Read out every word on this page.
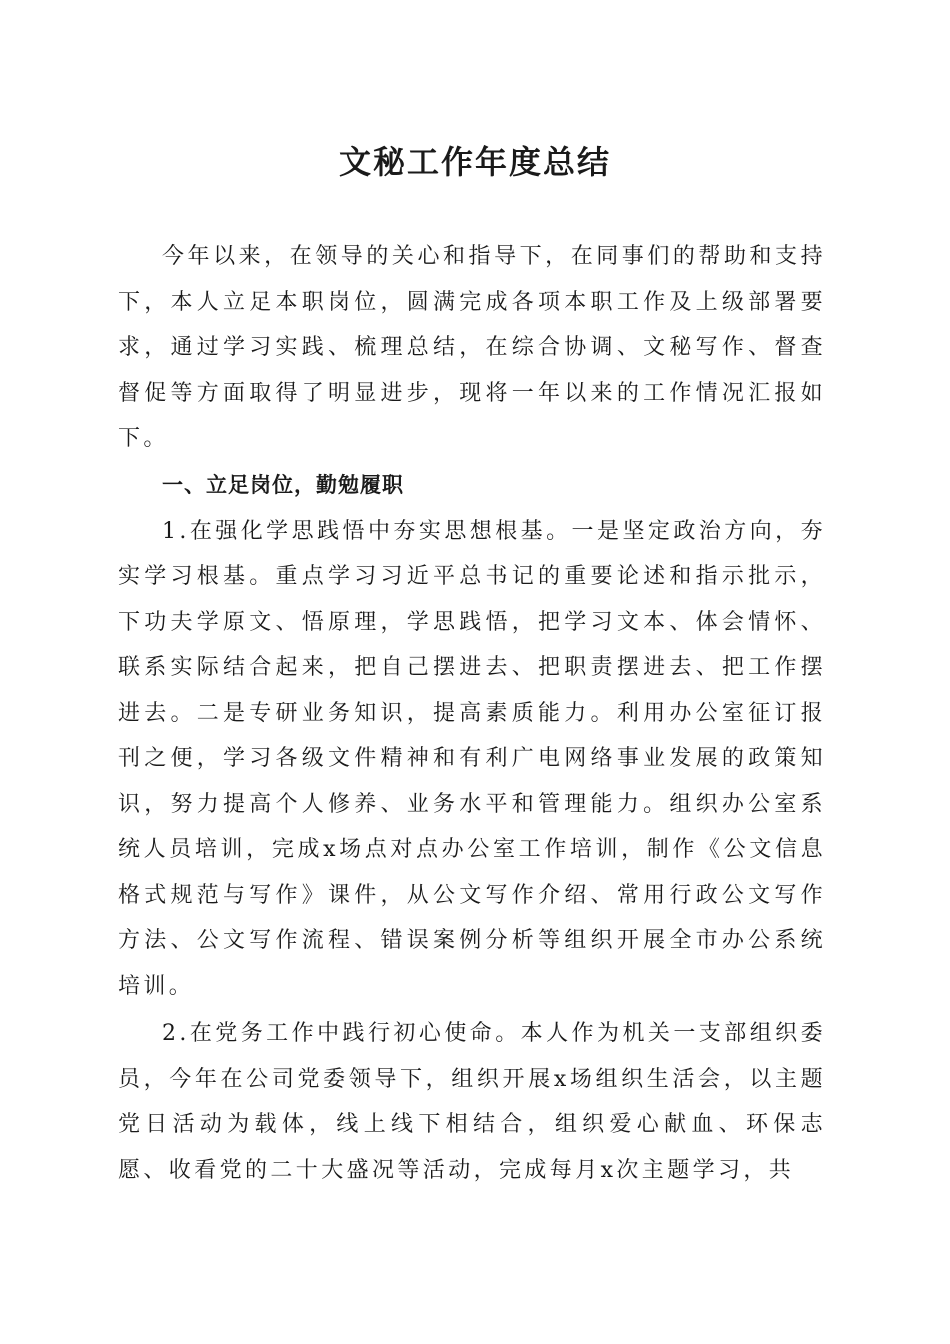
文秘工作年度总结

今年以来，在领导的关心和指导下，在同事们的帮助和支持下，本人立足本职岗位，圆满完成各项本职工作及上级部署要求，通过学习实践、梳理总结，在综合协调、文秘写作、督查督促等方面取得了明显进步，现将一年以来的工作情况汇报如下。

一、立足岗位，勤勉履职

1.在强化学思践悟中夯实思想根基。一是坚定政治方向，夯实学习根基。重点学习习近平总书记的重要论述和指示批示，下功夫学原文、悟原理，学思践悟，把学习文本、体会情怀、联系实际结合起来，把自己摆进去、把职责摆进去、把工作摆进去。二是专研业务知识，提高素质能力。利用办公室征订报刊之便，学习各级文件精神和有利广电网络事业发展的政策知识，努力提高个人修养、业务水平和管理能力。组织办公室系统人员培训，完成x场点对点办公室工作培训，制作《公文信息格式规范与写作》课件，从公文写作介绍、常用行政公文写作方法、公文写作流程、错误案例分析等组织开展全市办公系统培训。

2.在党务工作中践行初心使命。本人作为机关一支部组织委员，今年在公司党委领导下，组织开展x场组织生活会，以主题党日活动为载体，线上线下相结合，组织爱心献血、环保志愿、收看党的二十大盛况等活动，完成每月x次主题学习，共
